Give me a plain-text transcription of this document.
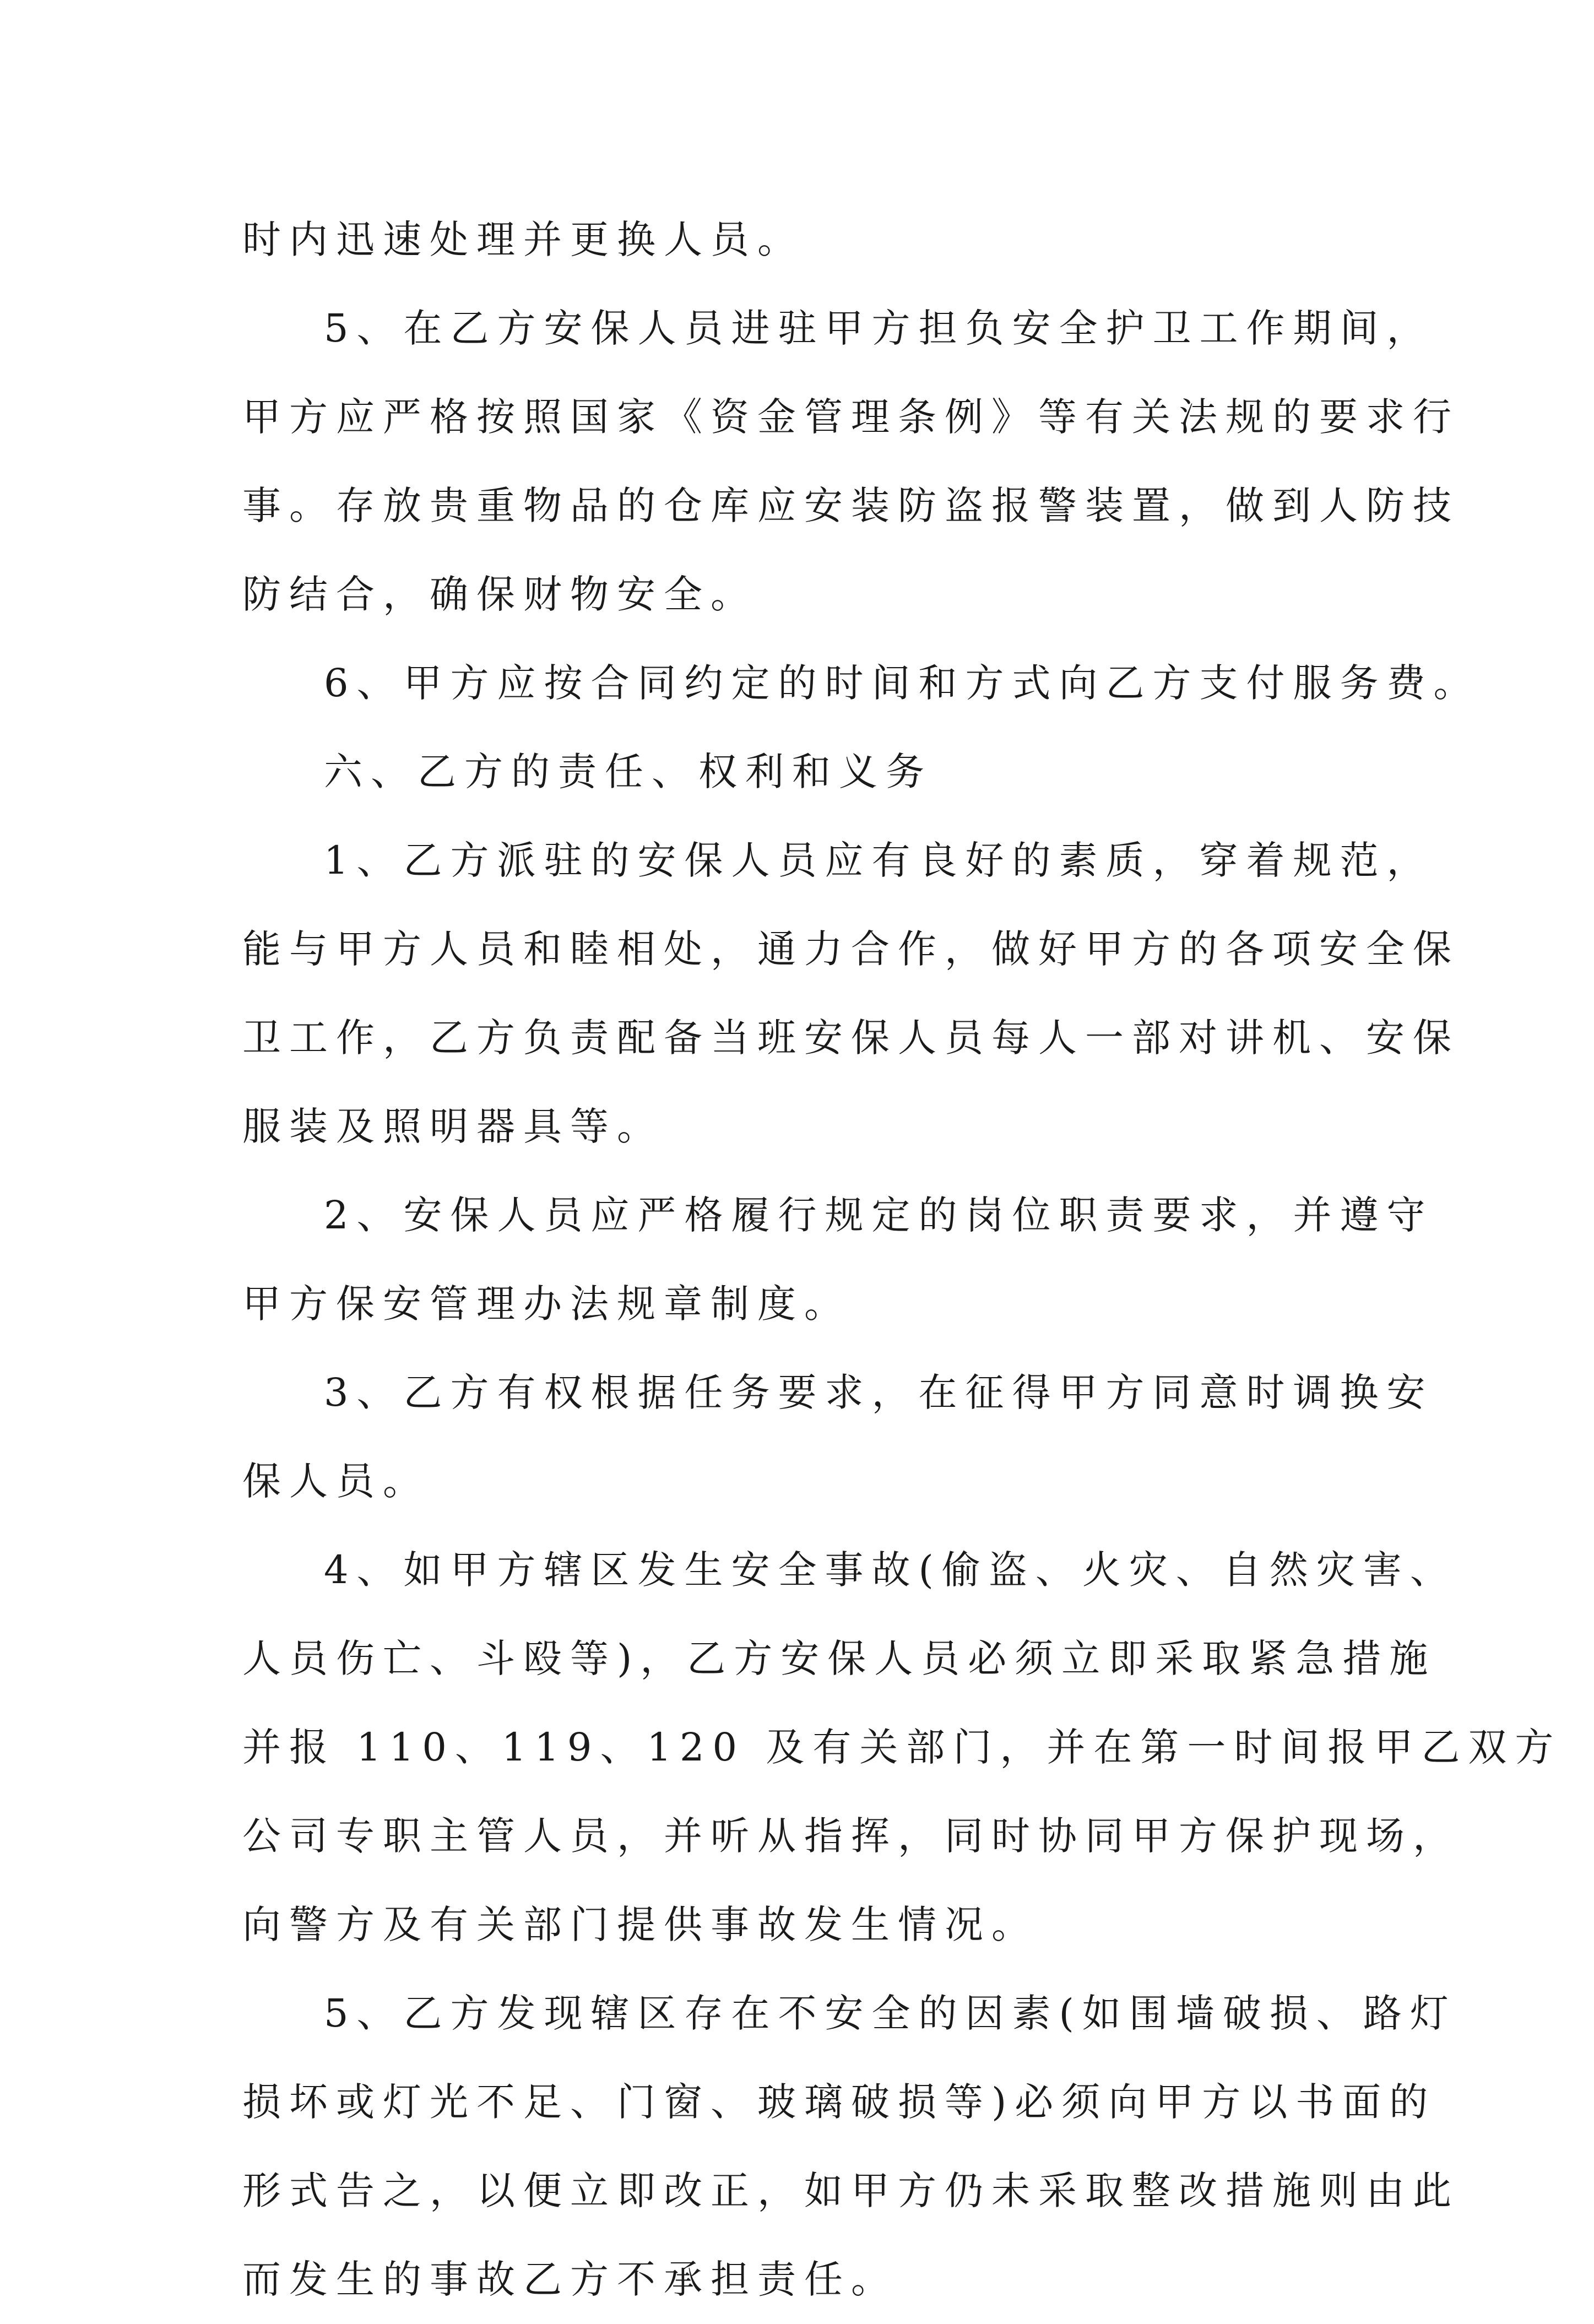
时内迅速处理并更换人员。

5、在乙方安保人员进驻甲方担负安全护卫工作期间，

甲方应严格按照国家《资金管理条例》等有关法规的要求行

事。存放贵重物品的仓库应安装防盗报警装置，做到人防技

防结合，确保财物安全。

6、甲方应按合同约定的时间和方式向乙方支付服务费。

六、乙方的责任、权利和义务

1、乙方派驻的安保人员应有良好的素质，穿着规范，

能与甲方人员和睦相处，通力合作，做好甲方的各项安全保

卫工作，乙方负责配备当班安保人员每人一部对讲机、安保

服装及照明器具等。

2、安保人员应严格履行规定的岗位职责要求，并遵守

甲方保安管理办法规章制度。

3、乙方有权根据任务要求，在征得甲方同意时调换安

保人员。

4、如甲方辖区发生安全事故(偷盗、火灾、自然灾害、

人员伤亡、斗殴等)，乙方安保人员必须立即采取紧急措施

并报 110、119、120 及有关部门，并在第一时间报甲乙双方

公司专职主管人员，并听从指挥，同时协同甲方保护现场，

向警方及有关部门提供事故发生情况。

5、乙方发现辖区存在不安全的因素(如围墙破损、路灯

损坏或灯光不足、门窗、玻璃破损等)必须向甲方以书面的

形式告之，以便立即改正，如甲方仍未采取整改措施则由此

而发生的事故乙方不承担责任。
